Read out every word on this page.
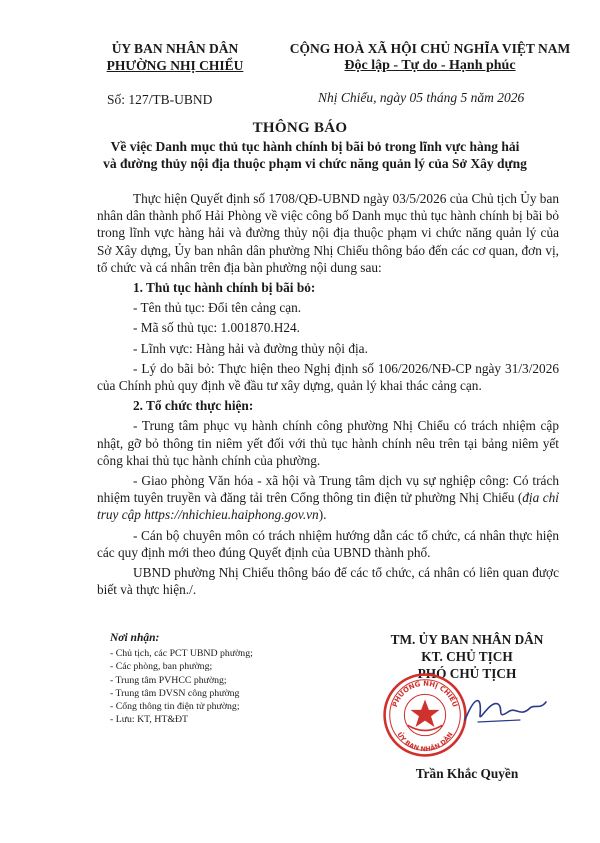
ỦY BAN NHÂN DÂN
PHƯỜNG NHỊ CHIỂU
CỘNG HOÀ XÃ HỘI CHỦ NGHĨA VIỆT NAM
Độc lập - Tự do - Hạnh phúc
Số: 127/TB-UBND	Nhị Chiểu, ngày 05 tháng 5 năm 2026
THÔNG BÁO
Về việc Danh mục thủ tục hành chính bị bãi bỏ trong lĩnh vực hàng hải
và đường thủy nội địa thuộc phạm vi chức năng quản lý của Sở Xây dựng

Thực hiện Quyết định số 1708/QĐ-UBND ngày 03/5/2026 của Chủ tịch Ủy ban nhân dân thành phố Hải Phòng về việc công bố Danh mục thủ tục hành chính bị bãi bỏ trong lĩnh vực hàng hải và đường thủy nội địa thuộc phạm vi chức năng quản lý của Sở Xây dựng, Ủy ban nhân dân phường Nhị Chiểu thông báo đến các cơ quan, đơn vị, tổ chức và cá nhân trên địa bàn phường nội dung sau:

1. Thủ tục hành chính bị bãi bỏ:

- Tên thủ tục: Đổi tên cảng cạn.

- Mã số thủ tục: 1.001870.H24.

- Lĩnh vực: Hàng hải và đường thủy nội địa.

- Lý do bãi bỏ: Thực hiện theo Nghị định số 106/2026/NĐ-CP ngày 31/3/2026 của Chính phủ quy định về đầu tư xây dựng, quản lý khai thác cảng cạn.

2. Tổ chức thực hiện:

- Trung tâm phục vụ hành chính công phường Nhị Chiểu có trách nhiệm cập nhật, gỡ bỏ thông tin niêm yết đối với thủ tục hành chính nêu trên tại bảng niêm yết công khai thủ tục hành chính của phường.

- Giao phòng Văn hóa - xã hội và Trung tâm dịch vụ sự nghiệp công: Có trách nhiệm tuyên truyền và đăng tải trên Cổng thông tin điện tử phường Nhị Chiểu (địa chỉ truy cập https://nhichieu.haiphong.gov.vn).

- Cán bộ chuyên môn có trách nhiệm hướng dẫn các tổ chức, cá nhân thực hiện các quy định mới theo đúng Quyết định của UBND thành phố.

UBND phường Nhị Chiểu thông báo để các tổ chức, cá nhân có liên quan được biết và thực hiện./.

Nơi nhận:
- Chủ tịch, các PCT UBND phường;
- Các phòng, ban phường;
- Trung tâm PVHCC phường;
- Trung tâm DVSN công phường
- Cổng thông tin điện tử phường;
- Lưu: KT, HT&ĐT
TM. ỦY BAN NHÂN DÂN
KT. CHỦ TỊCH
PHÓ CHỦ TỊCH
PHƯỜNG NHỊ CHIỂU
ỦY BAN NHÂN DÂN
Trần Khắc Quyền
